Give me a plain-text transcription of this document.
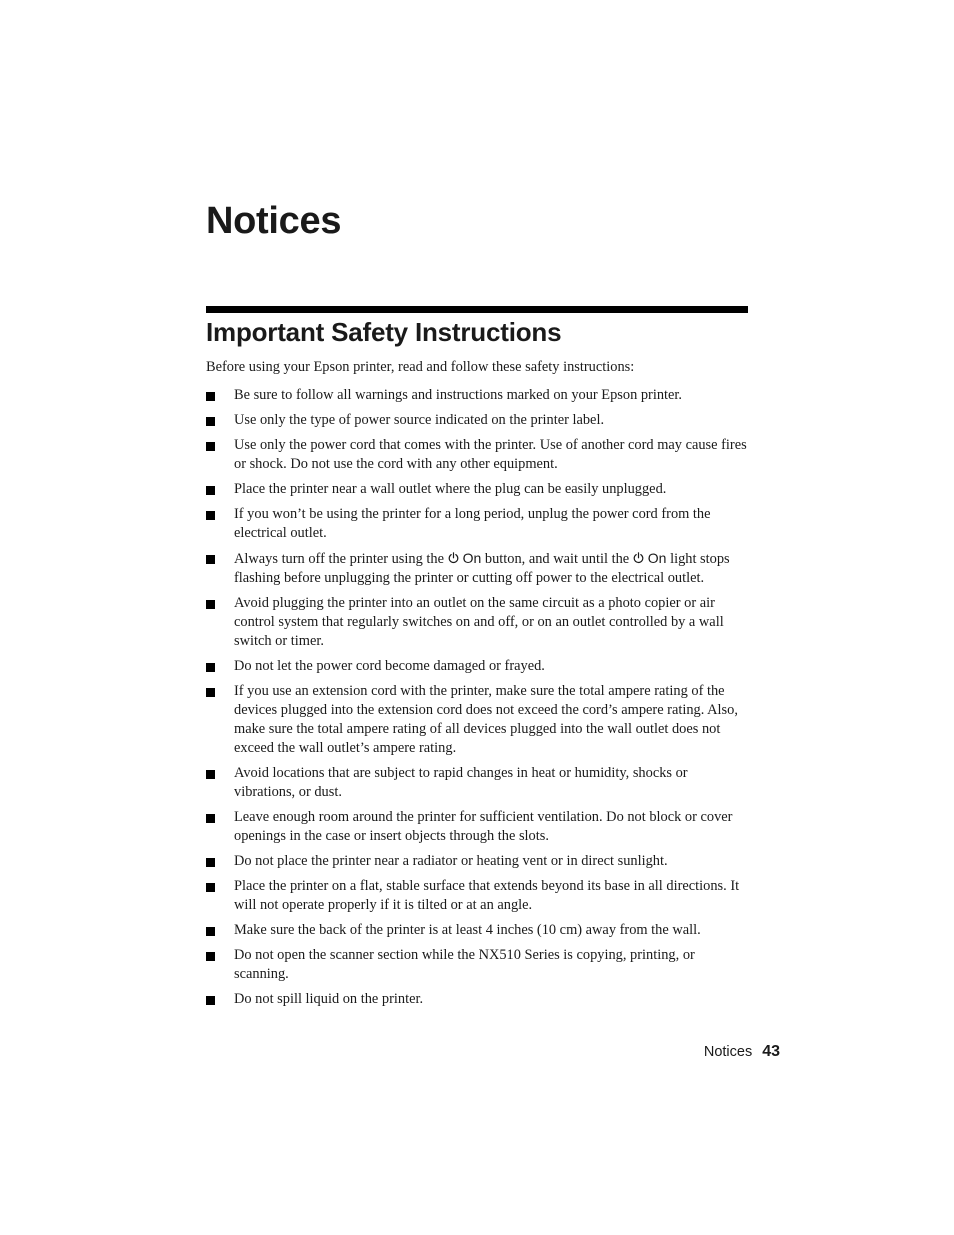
Notices
Important Safety Instructions

Before using your Epson printer, read and follow these safety instructions:

Be sure to follow all warnings and instructions marked on your Epson printer.
Use only the type of power source indicated on the printer label.
Use only the power cord that comes with the printer. Use of another cord may cause fires or shock. Do not use the cord with any other equipment.
Place the printer near a wall outlet where the plug can be easily unplugged.
If you won’t be using the printer for a long period, unplug the power cord from the electrical outlet.
Always turn off the printer using the On button, and wait until the On light stops flashing before unplugging the printer or cutting off power to the electrical outlet.
Avoid plugging the printer into an outlet on the same circuit as a photo copier or air control system that regularly switches on and off, or on an outlet controlled by a wall switch or timer.
Do not let the power cord become damaged or frayed.
If you use an extension cord with the printer, make sure the total ampere rating of the devices plugged into the extension cord does not exceed the cord’s ampere rating. Also, make sure the total ampere rating of all devices plugged into the wall outlet does not exceed the wall outlet’s ampere rating.
Avoid locations that are subject to rapid changes in heat or humidity, shocks or vibrations, or dust.
Leave enough room around the printer for sufficient ventilation. Do not block or cover openings in the case or insert objects through the slots.
Do not place the printer near a radiator or heating vent or in direct sunlight.
Place the printer on a flat, stable surface that extends beyond its base in all directions. It will not operate properly if it is tilted or at an angle.
Make sure the back of the printer is at least 4 inches (10 cm) away from the wall.
Do not open the scanner section while the NX510 Series is copying, printing, or scanning.
Do not spill liquid on the printer.
Notices 43
